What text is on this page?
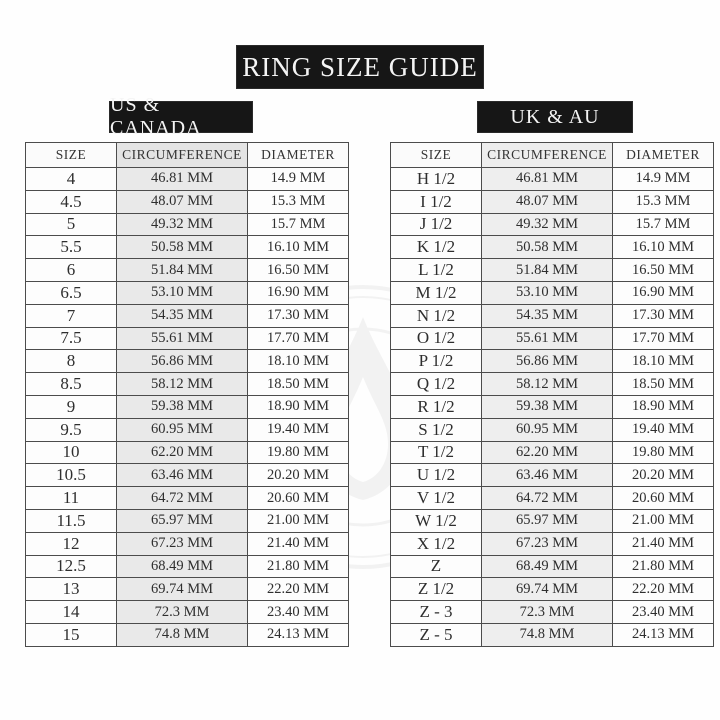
RING SIZE GUIDE
US & CANADA
UK & AU
SIZE	CIRCUMFERENCE	DIAMETER
4	46.81 MM	14.9 MM
4.5	48.07 MM	15.3 MM
5	49.32 MM	15.7 MM
5.5	50.58 MM	16.10 MM
6	51.84 MM	16.50 MM
6.5	53.10 MM	16.90 MM
7	54.35 MM	17.30 MM
7.5	55.61 MM	17.70 MM
8	56.86 MM	18.10 MM
8.5	58.12 MM	18.50 MM
9	59.38 MM	18.90 MM
9.5	60.95 MM	19.40 MM
10	62.20 MM	19.80 MM
10.5	63.46 MM	20.20 MM
11	64.72 MM	20.60 MM
11.5	65.97 MM	21.00 MM
12	67.23 MM	21.40 MM
12.5	68.49 MM	21.80 MM
13	69.74 MM	22.20 MM
14	72.3 MM	23.40 MM
15	74.8 MM	24.13 MM
SIZE	CIRCUMFERENCE	DIAMETER
H 1/2	46.81 MM	14.9 MM
I 1/2	48.07 MM	15.3 MM
J 1/2	49.32 MM	15.7 MM
K 1/2	50.58 MM	16.10 MM
L 1/2	51.84 MM	16.50 MM
M 1/2	53.10 MM	16.90 MM
N 1/2	54.35 MM	17.30 MM
O 1/2	55.61 MM	17.70 MM
P 1/2	56.86 MM	18.10 MM
Q 1/2	58.12 MM	18.50 MM
R 1/2	59.38 MM	18.90 MM
S 1/2	60.95 MM	19.40 MM
T 1/2	62.20 MM	19.80 MM
U 1/2	63.46 MM	20.20 MM
V 1/2	64.72 MM	20.60 MM
W 1/2	65.97 MM	21.00 MM
X 1/2	67.23 MM	21.40 MM
Z	68.49 MM	21.80 MM
Z 1/2	69.74 MM	22.20 MM
Z - 3	72.3 MM	23.40 MM
Z - 5	74.8 MM	24.13 MM
